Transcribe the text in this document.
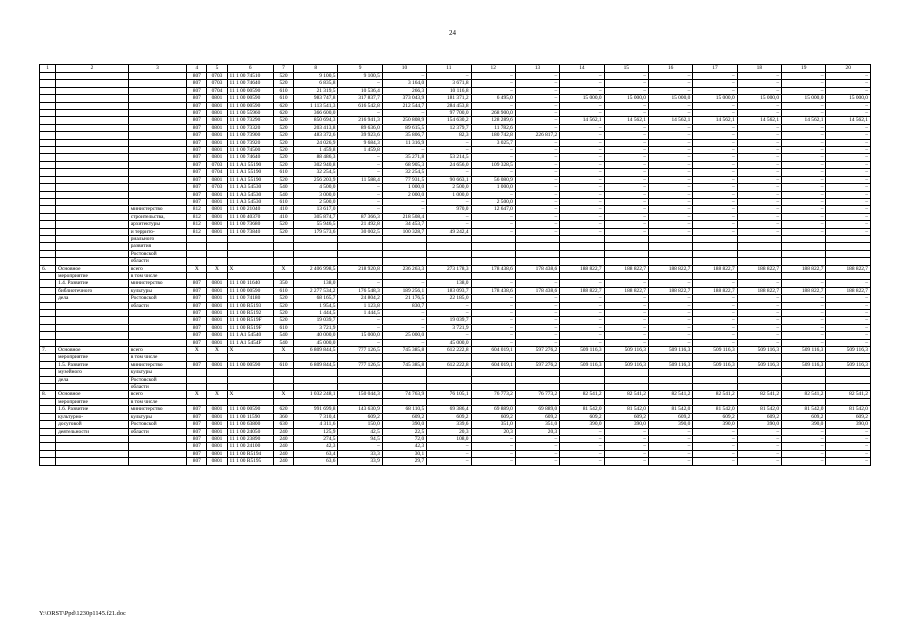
24
1	2	3	4	5	6	7	8	9	10	11	12	13	14	15	16	17	18	19	20
			807	0703	11 1 00 74510	520	9 100,5	9 100,5	–	–	–	–	–	–	–	–	–	–	–
			807	0703	11 1 00 74640	520	6 835,8	–	3 164,0	3 671,8	–	–	–	–	–	–	–	–	–
			807	0704	11 1 00 00590	610	21 319,5	10 536,4	266,3	10 116,8	–	–	–	–	–	–	–	–	–
			807	0801	11 1 00 00590	610	983 747,8	317 837,7	373 043,9	181 371,2	6 495,0	–	15 000,0	15 000,0	15 000,0	15 000,0	15 000,0	15 000,0	15 000,0
			807	0801	11 1 00 00590	620	1 113 541,3	616 542,8	212 544,7	284 453,8	–	–	–	–	–	–	–	–	–
			807	0801	11 1 00 55960	620	366 600,0	–	–	97 700,0	268 900,0	–	–	–	–	–	–	–	–
			807	0801	11 1 00 73290	520	850 694,3	216 941,3	250 808,9	154 630,2	128 289,6	–	14 562,1	14 562,1	14 562,1	14 562,1	14 562,1	14 562,1	14 562,1
			807	0801	11 1 00 73320	520	203 413,8	89 636,0	89 615,5	12 379,7	11 782,6	–	–	–	–	–	–	–	–
			807	0801	11 1 00 73900	520	483 372,6	39 923,6	35 806,7	82,3	180 742,8	226 817,2	–	–	–	–	–	–	–
			807	0801	11 1 00 73920	520	24 026,9	9 684,3	11 316,9	–	3 025,7	–	–	–	–	–	–	–	–
			807	0801	11 1 00 74500	520	1 459,8	1 459,8	–	–	–	–	–	–	–	–	–	–	–
			807	0801	11 1 00 74640	520	88 486,3	–	35 271,8	53 214,5	–	–	–	–	–	–	–	–	–
			807	0703	11 1 A1 55190	520	302 940,8	–	68 905,3	24 656,0	109 328,5	–	–	–	–	–	–	–	–
			807	0704	11 1 A1 55190	610	32 254,5	–	32 254,5	–	–	–	–	–	–	–	–	–	–
			807	0801	11 1 A1 55190	520	256 203,9	11 588,4	77 931,5	90 663,1	56 080,9	–	–	–	–	–	–	–	–
			807	0703	11 1 A3 54530	540	4 500,0	–	1 000,0	2 500,0	1 000,0	–	–	–	–	–	–	–	–
			807	0801	11 1 A3 54530	540	3 000,0	–	2 000,0	1 000,0	–	–	–	–	–	–	–	–	–
			807	0801	11 1 A3 54530	610	2 500,0	–	–	–	2 500,0	–	–	–	–	–	–	–	–
		министерство	812	0801	11 1 00 21040	410	13 617,0	–	–	970,0	12 647,0	–	–	–	–	–	–	–	–
		строительства,	812	0801	11 1 00 40370	410	305 874,7	87 366,3	218 508,4	–	–	–	–	–	–	–	–	–	–
		архитектуры	812	0801	11 1 00 73680	520	55 946,5	21 492,8	34 453,7	–	–	–	–	–	–	–	–	–	–
		и террито-	812	0801	11 1 00 73840	520	179 573,6	30 002,5	100 328,7	49 242,4	–	–	–	–	–	–	–	–	–
		риального																	
		развития																	
		Ростовской																	
		области																	
6.	Основное	всего	X	X	X	X	2 406 998,5	218 920,8	236 263,3	273 178,3	178 438,6	178 438,6	188 822,7	188 822,7	188 822,7	188 822,7	188 822,7	188 822,7	188 822,7
	мероприятие	в том числе																	
	1.4. Развитие	министерство	807	0801	11 1 00 11640	350	138,0	–	–	138,0	–	–	–	–	–	–	–	–	–
	библиотечного	культуры	807	0801	11 1 00 00590	610	2 277 534,2	176 548,3	189 256,1	183 093,7	178 438,6	178 438,6	188 822,7	188 822,7	188 822,7	188 822,7	188 822,7	188 822,7	188 822,7
	дела	Ростовской	807	0801	11 1 00 74180	520	68 165,7	24 804,2	21 176,5	22 185,0	–	–	–	–	–	–	–	–	–
		области	807	0801	11 1 00 R5193	520	1 954,5	1 123,8	830,7	–	–	–	–	–	–	–	–	–	–
			807	0801	11 1 00 R5192	520	1 444,5	1 444,5	–	–	–	–	–	–	–	–	–	–	–
			807	0801	11 1 00 R519F	520	19 039,7	–	–	19 039,7	–	–	–	–	–	–	–	–	–
			807	0801	11 1 00 R519F	610	3 721,9	–	–	3 721,9	–	–	–	–	–	–	–	–	–
			807	0801	11 1 A1 54540	540	40 000,0	15 000,0	25 000,0	–	–	–	–	–	–	–	–	–	–
			807	0801	11 1 A1 5454F	540	45 000,0	–	–	45 000,0	–	–	–	–	–	–	–	–	–
7.	Основное	всего	X	X	X	X	6 809 844,5	777 126,5	745 385,8	612 222,8	604 019,1	597 276,2	509 116,3	509 116,3	509 116,3	509 116,3	509 116,3	509 116,3	509 116,3
	мероприятие	в том числе																	
	1.5. Развитие	министерство	807	0801	11 1 00 00590	610	6 809 844,5	777 126,5	745 385,8	612 222,8	604 019,1	597 276,2	509 116,3	509 116,3	509 116,3	509 116,3	509 116,3	509 116,3	509 116,3
	музейного	культуры																	
	дела	Ростовской																	
		области																	
8.	Основное	всего	X	X	X	X	1 032 248,1	150 044,3	74 763,9	76 105,1	76 773,2	76 773,2	82 541,2	82 541,2	82 541,2	82 541,2	82 541,2	82 541,2	82 541,2
	мероприятие	в том числе																	
	1.6. Развитие	министерство	807	0801	11 1 00 00590	620	991 699,8	143 630,9	68 110,5	69 386,4	69 889,0	69 889,0	81 542,0	81 542,0	81 542,0	81 542,0	81 542,0	81 542,0	81 542,0
	культурно-	культуры	807	0801	11 1 00 11590	360	7 310,4	609,2	609,2	609,2	609,2	609,2	609,2	609,2	609,2	609,2	609,2	609,2	609,2
	досуговой	Ростовской	807	0801	11 1 00 63800	630	4 311,6	150,0	390,0	339,6	351,0	351,0	390,0	390,0	390,0	390,0	390,0	390,0	390,0
	деятельности	области	807	0801	11 1 00 24050	240	125,9	42,5	22,5	20,3	20,3	20,3	–	–	–	–	–	–	–
			807	0801	11 1 00 23890	240	274,5	94,5	72,0	108,0	–	–	–	–	–	–	–	–	–
			807	0801	11 1 00 24100	240	42,3	–	42,3	–	–	–	–	–	–	–	–	–	–
			807	0801	11 1 00 R5194	240	63,4	33,3	30,1	–	–	–	–	–	–	–	–	–	–
			807	0801	11 1 00 R5195	240	63,6	33,9	29,7	–	–	–	–	–	–	–	–	–	–
Y:\ORST\Ppd\1230p1145.f21.doc
